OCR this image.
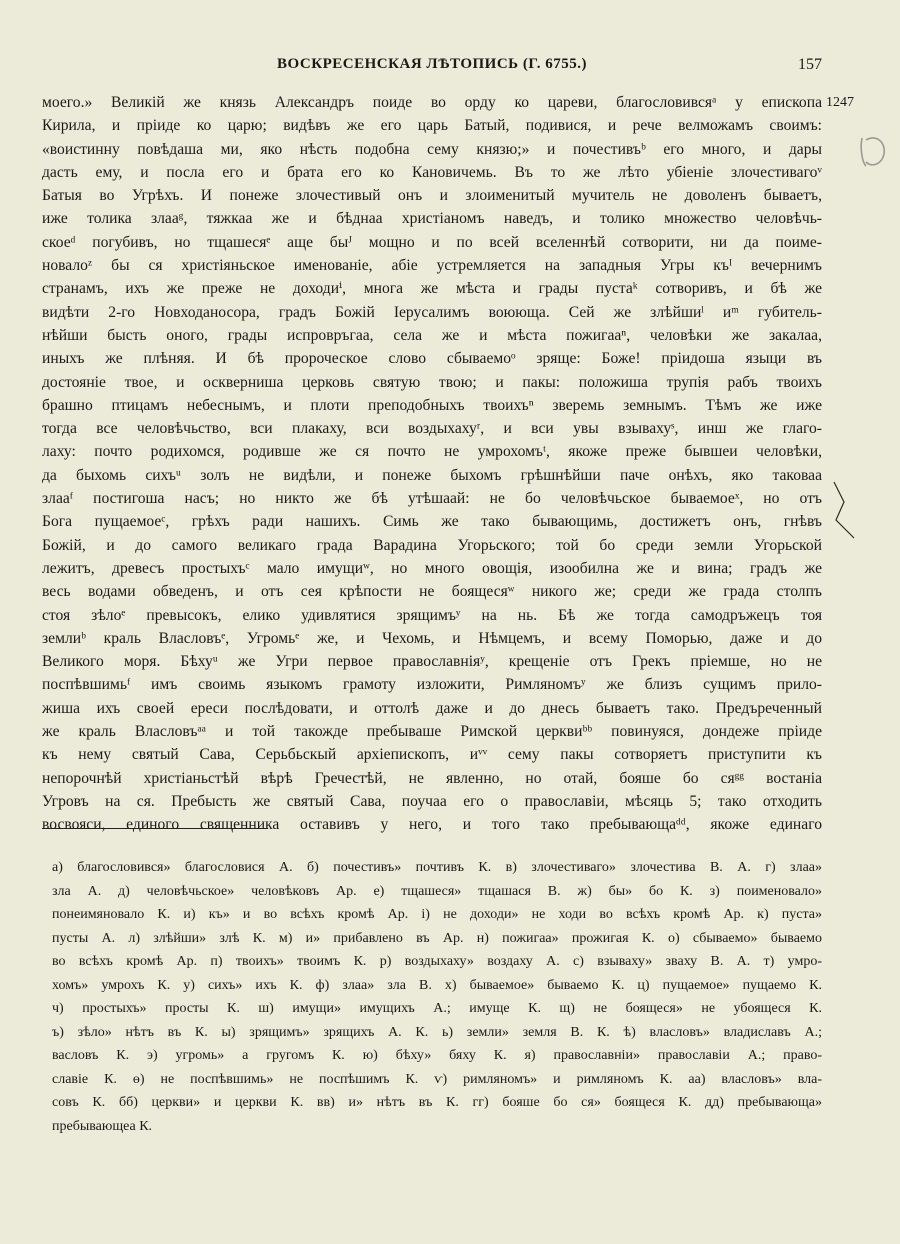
ВОСКРЕСЕНСКАЯ ЛѢТОПИСЬ (Г. 6755.)	157
1247
моего.» Великій же князь Александръ поиде во орду ко цареви, благословивсяᵃ у епископа
Кирила, и пріиде ко царю; видѣвъ же его царь Батый, подивися, и рече велможамъ своимъ:
«воистинну повѣдаша ми, яко нѣсть подобна сему князю;» и почестивъᵇ его много, и дары
дасть ему, и посла его и брата его ко Кановичемь. Въ то же лѣто убіеніе злочестивагоᵛ
Батыя во Угрѣхъ. И понеже злочестивый онъ и злоименитый мучитель не доволенъ бываетъ,
иже толика злааᵍ, тяжкаа же и бѣднаа христіаномъ наведъ, и толико множество человѣчь-
скоеᵈ погубивъ, но тщашесяᵉ аще быᴶ мощно и по всей вселеннѣй сотворити, ни да поиме-
новалоᶻ бы ся христіяньское именованіе, абіе устремляется на западныя Угры къᴵ вечернимъ
странамъ, ихъ же преже не доходиⁱ, многа же мѣста и грады пустаᵏ сотворивъ, и бѣ же
видѣти 2-го Новходаносора, градъ Божій Іерусалимъ воююща. Сей же злѣйшиˡ иᵐ губитель-
нѣйши бысть оного, грады испровръгаа, села же и мѣста пожигааⁿ, человѣки же закалаа,
иныхъ же плѣняя. И бѣ пророческое слово сбываемоᵒ зряще: Боже! пріидоша языци въ
достояніе твое, и оскверниша церковь святую твою; и пакы: положиша трупія рабъ твоихъ
брашно птицамъ небеснымъ, и плоти преподобныхъ твоихъⁿ зверемь земнымъ. Тѣмъ же иже
тогда все человѣчьство, вси плакаху, вси воздыхахуʳ, и вси увы взывахуˢ, инш же глаго-
лаху: почто родихомся, родивше же ся почто не умрохомъᵗ, якоже преже бывшеи человѣки,
да быхомь сихъᵘ золъ не видѣли, и понеже быхомъ грѣшнѣйши паче онѣхъ, яко таковаа
злааᶠ постигоша насъ; но никто же бѣ утѣшаай: не бо человѣчьское бываемоеˣ, но отъ
Бога пущаемоеᶜ, грѣхъ ради нашихъ. Симь же тако бывающимь, достижетъ онъ, гнѣвъ
Божій, и до самого великаго града Варадина Угорьского; той бо среди земли Угорьской
лежитъ, древесъ простыхъᶜ мало имущиʷ, но много овощія, изообилна же и вина; градъ же
весь водами обведенъ, и отъ сея крѣпости не боящесяʷ никого же; среди же града столпъ
стоя зѣлоᵉ превысокъ, елико удивлятися зрящимъʸ на нь. Бѣ же тогда самодръжецъ тоя
землиᵇ краль Власловъᵉ, Угромьᵉ же, и Чехомь, и Нѣмцемъ, и всему Поморью, даже и до
Великого моря. Бѣхуᵘ же Угри первое православніяʸ, крещеніе отъ Грекъ пріемше, но не
поспѣвшимьᶠ имъ своимь языкомъ грамоту изложити, Римляномъʸ же близъ сущимъ прило-
жиша ихъ своей ереси послѣдовати, и оттолѣ даже и до днесь бываетъ тако. Предъреченный
же краль Власловъᵃᵃ и той такожде пребываше Римской церквиᵇᵇ повинуяся, дондеже пріиде
къ нему святый Сава, Серьбьскый архіепископъ, иᵛᵛ сему пакы сотворяетъ приступити къ
непорочнѣй христіаньстѣй вѣрѣ Гречестѣй, не явленно, но отай, бояше бо сяᵍᵍ востаніа
Угровъ на ся. Пребысть же святый Сава, поучаа его о православіи, мѣсяць 5; тако отходить
восвояси, единого священника оставивъ у него, и того тако пребывающаᵈᵈ, якоже единаго
а) благословився» благословися А. б) почестивъ» почтивъ К. в) злочестиваго» злочестива В. А. г) злаа»
зла А. д) человѣчьское» человѣковъ Ар. е) тщашеся» тщашася В. ж) бы» бо К. з) поименовало»
понеимяновало К. и) къ» и во всѣхъ кромѣ Ар. і) не доходи» не ходи во всѣхъ кромѣ Ар. к) пуста»
пусты А. л) злѣйши» злѣ К. м) и» прибавлено въ Ар. н) пожигаа» прожигая К. о) сбываемо» бываемо
во всѣхъ кромѣ Ар. п) твоихъ» твоимъ К. р) воздыхаху» воздаху А. с) взываху» зваху В. А. т) умро-
хомъ» умрохъ К. у) сихъ» ихъ К. ф) злаа» зла В. х) бываемое» бываемо К. ц) пущаемое» пущаемо К.
ч) простыхъ» просты К. ш) имущи» имущихъ А.; имуще К. щ) не боящеся» не убоящеся К.
ъ) зѣло» нѣтъ въ К. ы) зрящимъ» зрящихъ А. К. ь) земли» земля В. К. ѣ) власловъ» владиславъ А.;
васловъ К. э) угромь» а гругомъ К. ю) бѣху» бяху К. я) православніи» православіи А.; право-
славіе К. ѳ) не поспѣвшимь» не поспѣшимъ К. ѵ) римляномъ» и римляномъ К. аа) власловъ» вла-
совъ К. бб) церкви» и церкви К. вв) и» нѣтъ въ К. гг) бояше бо ся» боящеся К. дд) пребывающа»
пребывающеа К.
